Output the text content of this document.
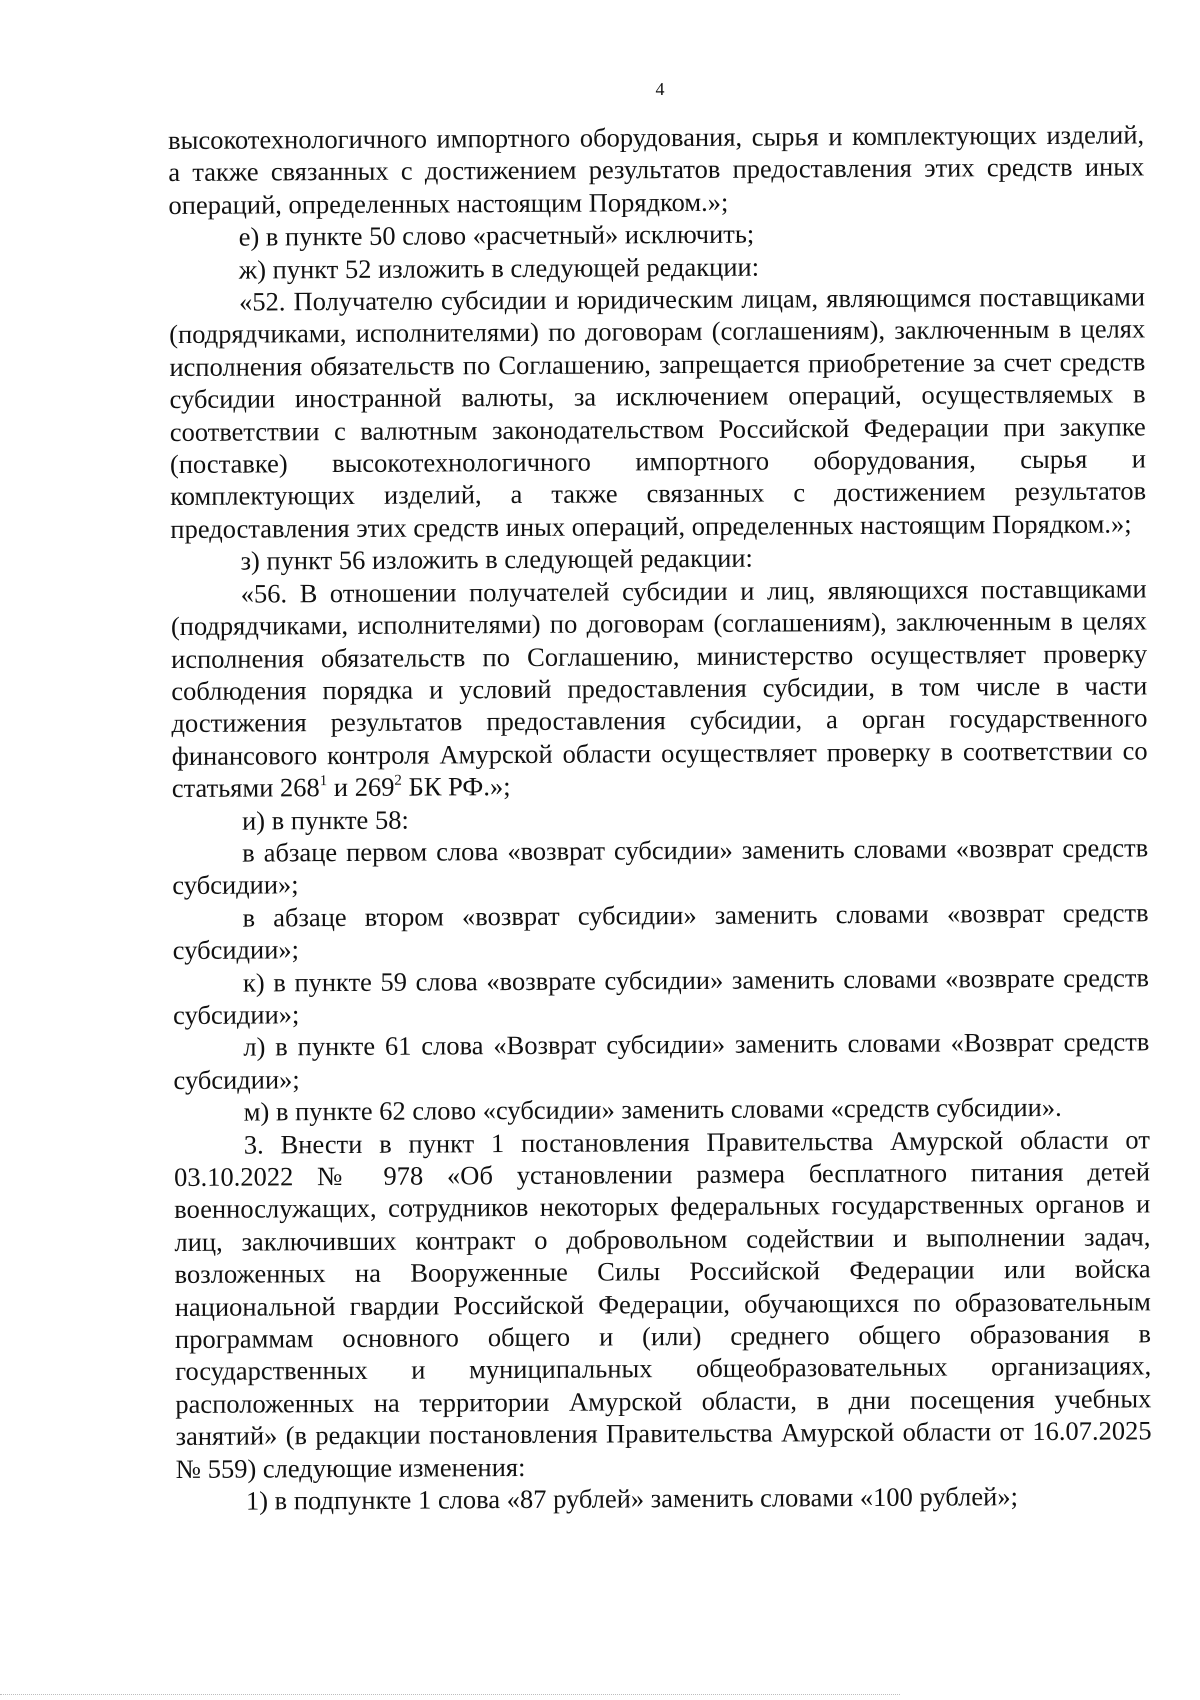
4

высокотехнологичного импортного оборудования, сырья и комплектующих изделий, а также связанных с достижением результатов предоставления этих средств иных операций, определенных настоящим Порядком.»;

е) в пункте 50 слово «расчетный» исключить;

ж) пункт 52 изложить в следующей редакции:

«52. Получателю субсидии и юридическим лицам, являющимся поставщиками (подрядчиками, исполнителями) по договорам (соглашениям), заключенным в целях исполнения обязательств по Соглашению, запрещается приобретение за счет средств субсидии иностранной валюты, за исключением операций, осуществляемых в соответствии с валютным законодательством Российской Федерации при закупке (поставке) высокотехнологичного импортного оборудования, сырья и комплектующих изделий, а также связанных с достижением результатов предоставления этих средств иных операций, определенных настоящим Порядком.»;

з) пункт 56 изложить в следующей редакции:

«56. В отношении получателей субсидии и лиц, являющихся поставщиками (подрядчиками, исполнителями) по договорам (соглашениям), заключенным в целях исполнения обязательств по Соглашению, министерство осуществляет проверку соблюдения порядка и условий предоставления субсидии, в том числе в части достижения результатов предоставления субсидии, а орган государственного финансового контроля Амурской области осуществляет проверку в соответствии со статьями $268^1$ и $269^2$ БК РФ.»;

и) в пункте 58:

в абзаце первом слова «возврат субсидии» заменить словами «возврат средств субсидии»;

в абзаце втором «возврат субсидии» заменить словами «возврат средств субсидии»;

к) в пункте 59 слова «возврате субсидии» заменить словами «возврате средств субсидии»;

л) в пункте 61 слова «Возврат субсидии» заменить словами «Возврат средств субсидии»;

м) в пункте 62 слово «субсидии» заменить словами «средств субсидии».

3. Внести в пункт 1 постановления Правительства Амурской области от 03.10.2022 № 978 «Об установлении размера бесплатного питания детей военнослужащих, сотрудников некоторых федеральных государственных органов и лиц, заключивших контракт о добровольном содействии и выполнении задач, возложенных на Вооруженные Силы Российской Федерации или войска национальной гвардии Российской Федерации, обучающихся по образовательным программам основного общего и (или) среднего общего образования в государственных и муниципальных общеобразовательных организациях, расположенных на территории Амурской области, в дни посещения учебных занятий» (в редакции постановления Правительства Амурской области от 16.07.2025 № 559) следующие изменения:

1) в подпункте 1 слова «87 рублей» заменить словами «100 рублей»;
